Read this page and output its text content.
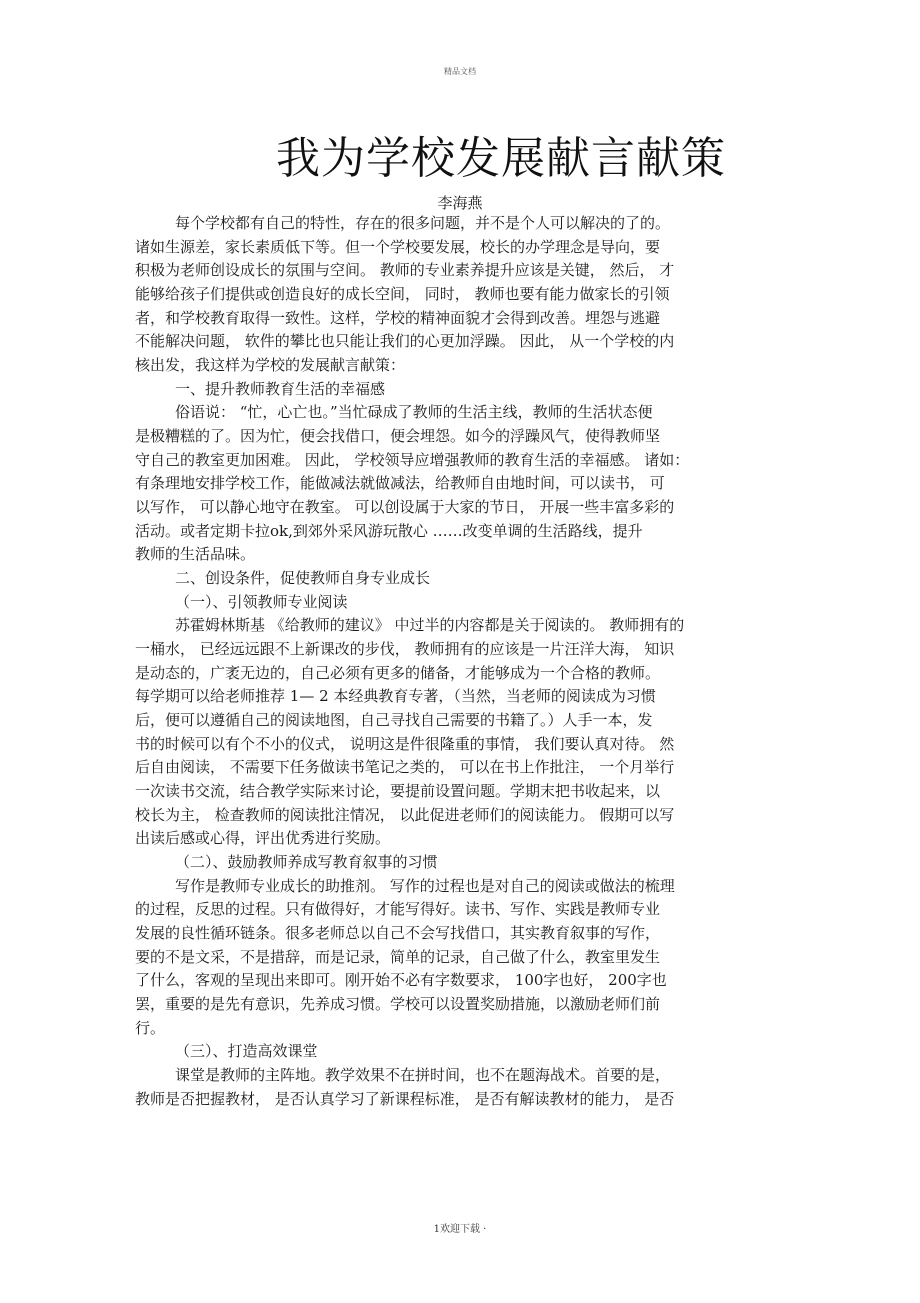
精品文档
我为学校发展献言献策
李海燕
每个学校都有自己的特性，存在的很多问题，并不是个人可以解决的了的。
诸如生源差，家长素质低下等。但一个学校要发展，校长的办学理念是导向，要
积极为老师创设成长的氛围与空间。 教师的专业素养提升应该是关键， 然后， 才
能够给孩子们提供或创造良好的成长空间， 同时， 教师也要有能力做家长的引领
者，和学校教育取得一致性。这样，学校的精神面貌才会得到改善。埋怨与逃避
不能解决问题， 软件的攀比也只能让我们的心更加浮躁。 因此， 从一个学校的内
核出发，我这样为学校的发展献言献策：
一、提升教师教育生活的幸福感
俗语说： “忙，心亡也。”当忙碌成了教师的生活主线，教师的生活状态便
是极糟糕的了。因为忙，便会找借口，便会埋怨。如今的浮躁风气，使得教师坚
守自己的教室更加困难。 因此， 学校领导应增强教师的教育生活的幸福感。 诸如：
有条理地安排学校工作，能做减法就做减法，给教师自由地时间，可以读书， 可
以写作， 可以静心地守在教室。 可以创设属于大家的节日， 开展一些丰富多彩的
活动。或者定期卡拉ok,到郊外采风游玩散心 ……改变单调的生活路线，提升
教师的生活品味。
二、创设条件，促使教师自身专业成长
（一）、引领教师专业阅读
苏霍姆林斯基 《给教师的建议》 中过半的内容都是关于阅读的。 教师拥有的
一桶水， 已经远远跟不上新课改的步伐， 教师拥有的应该是一片汪洋大海， 知识
是动态的，广袤无边的，自己必须有更多的储备，才能够成为一个合格的教师。
每学期可以给老师推荐 1— 2 本经典教育专著，（当然，当老师的阅读成为习惯
后，便可以遵循自己的阅读地图，自己寻找自己需要的书籍了。）人手一本，发
书的时候可以有个不小的仪式， 说明这是件很隆重的事情， 我们要认真对待。 然
后自由阅读， 不需要下任务做读书笔记之类的， 可以在书上作批注， 一个月举行
一次读书交流，结合教学实际来讨论，要提前设置问题。学期末把书收起来，以
校长为主， 检查教师的阅读批注情况， 以此促进老师们的阅读能力。 假期可以写
出读后感或心得，评出优秀进行奖励。
（二）、鼓励教师养成写教育叙事的习惯
写作是教师专业成长的助推剂。 写作的过程也是对自己的阅读或做法的梳理
的过程，反思的过程。只有做得好，才能写得好。读书、写作、实践是教师专业
发展的良性循环链条。很多老师总以自己不会写找借口，其实教育叙事的写作，
要的不是文采，不是措辞，而是记录，简单的记录，自己做了什么，教室里发生
了什么，客观的呈现出来即可。刚开始不必有字数要求， 100字也好， 200字也
罢，重要的是先有意识，先养成习惯。学校可以设置奖励措施，以激励老师们前
行。
（三）、打造高效课堂
课堂是教师的主阵地。教学效果不在拼时间，也不在题海战术。首要的是，
教师是否把握教材， 是否认真学习了新课程标准， 是否有解读教材的能力， 是否
1欢迎下载 ·
